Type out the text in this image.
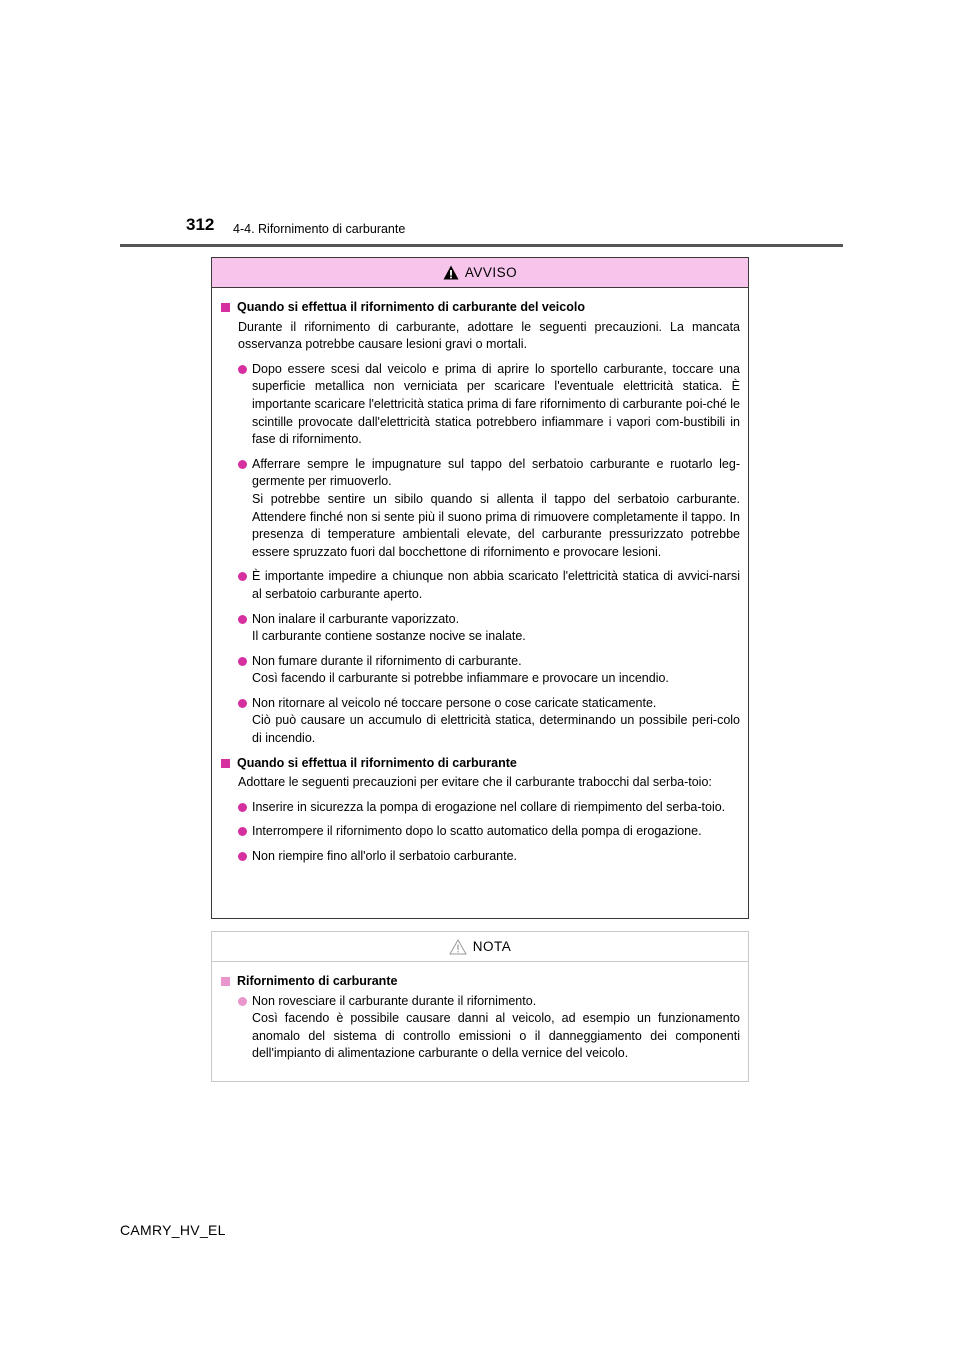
312 4-4. Rifornimento di carburante
AVVISO
Quando si effettua il rifornimento di carburante del veicolo
Durante il rifornimento di carburante, adottare le seguenti precauzioni. La mancata osservanza potrebbe causare lesioni gravi o mortali.
Dopo essere scesi dal veicolo e prima di aprire lo sportello carburante, toccare una superficie metallica non verniciata per scaricare l'eventuale elettricità statica. È importante scaricare l'elettricità statica prima di fare rifornimento di carburante poi-ché le scintille provocate dall'elettricità statica potrebbero infiammare i vapori com-bustibili in fase di rifornimento.
Afferrare sempre le impugnature sul tappo del serbatoio carburante e ruotarlo leg-germente per rimuoverlo.
Si potrebbe sentire un sibilo quando si allenta il tappo del serbatoio carburante. Attendere finché non si sente più il suono prima di rimuovere completamente il tappo. In presenza di temperature ambientali elevate, del carburante pressurizzato potrebbe essere spruzzato fuori dal bocchettone di rifornimento e provocare lesioni.
È importante impedire a chiunque non abbia scaricato l'elettricità statica di avvici-narsi al serbatoio carburante aperto.
Non inalare il carburante vaporizzato.
Il carburante contiene sostanze nocive se inalate.
Non fumare durante il rifornimento di carburante.
Così facendo il carburante si potrebbe infiammare e provocare un incendio.
Non ritornare al veicolo né toccare persone o cose caricate staticamente.
Ciò può causare un accumulo di elettricità statica, determinando un possibile peri-colo di incendio.
Quando si effettua il rifornimento di carburante
Adottare le seguenti precauzioni per evitare che il carburante trabocchi dal serba-toio:
Inserire in sicurezza la pompa di erogazione nel collare di riempimento del serba-toio.
Interrompere il rifornimento dopo lo scatto automatico della pompa di erogazione.
Non riempire fino all'orlo il serbatoio carburante.
NOTA
Rifornimento di carburante
Non rovesciare il carburante durante il rifornimento.
Così facendo è possibile causare danni al veicolo, ad esempio un funzionamento anomalo del sistema di controllo emissioni o il danneggiamento dei componenti dell'impianto di alimentazione carburante o della vernice del veicolo.
CAMRY_HV_EL
